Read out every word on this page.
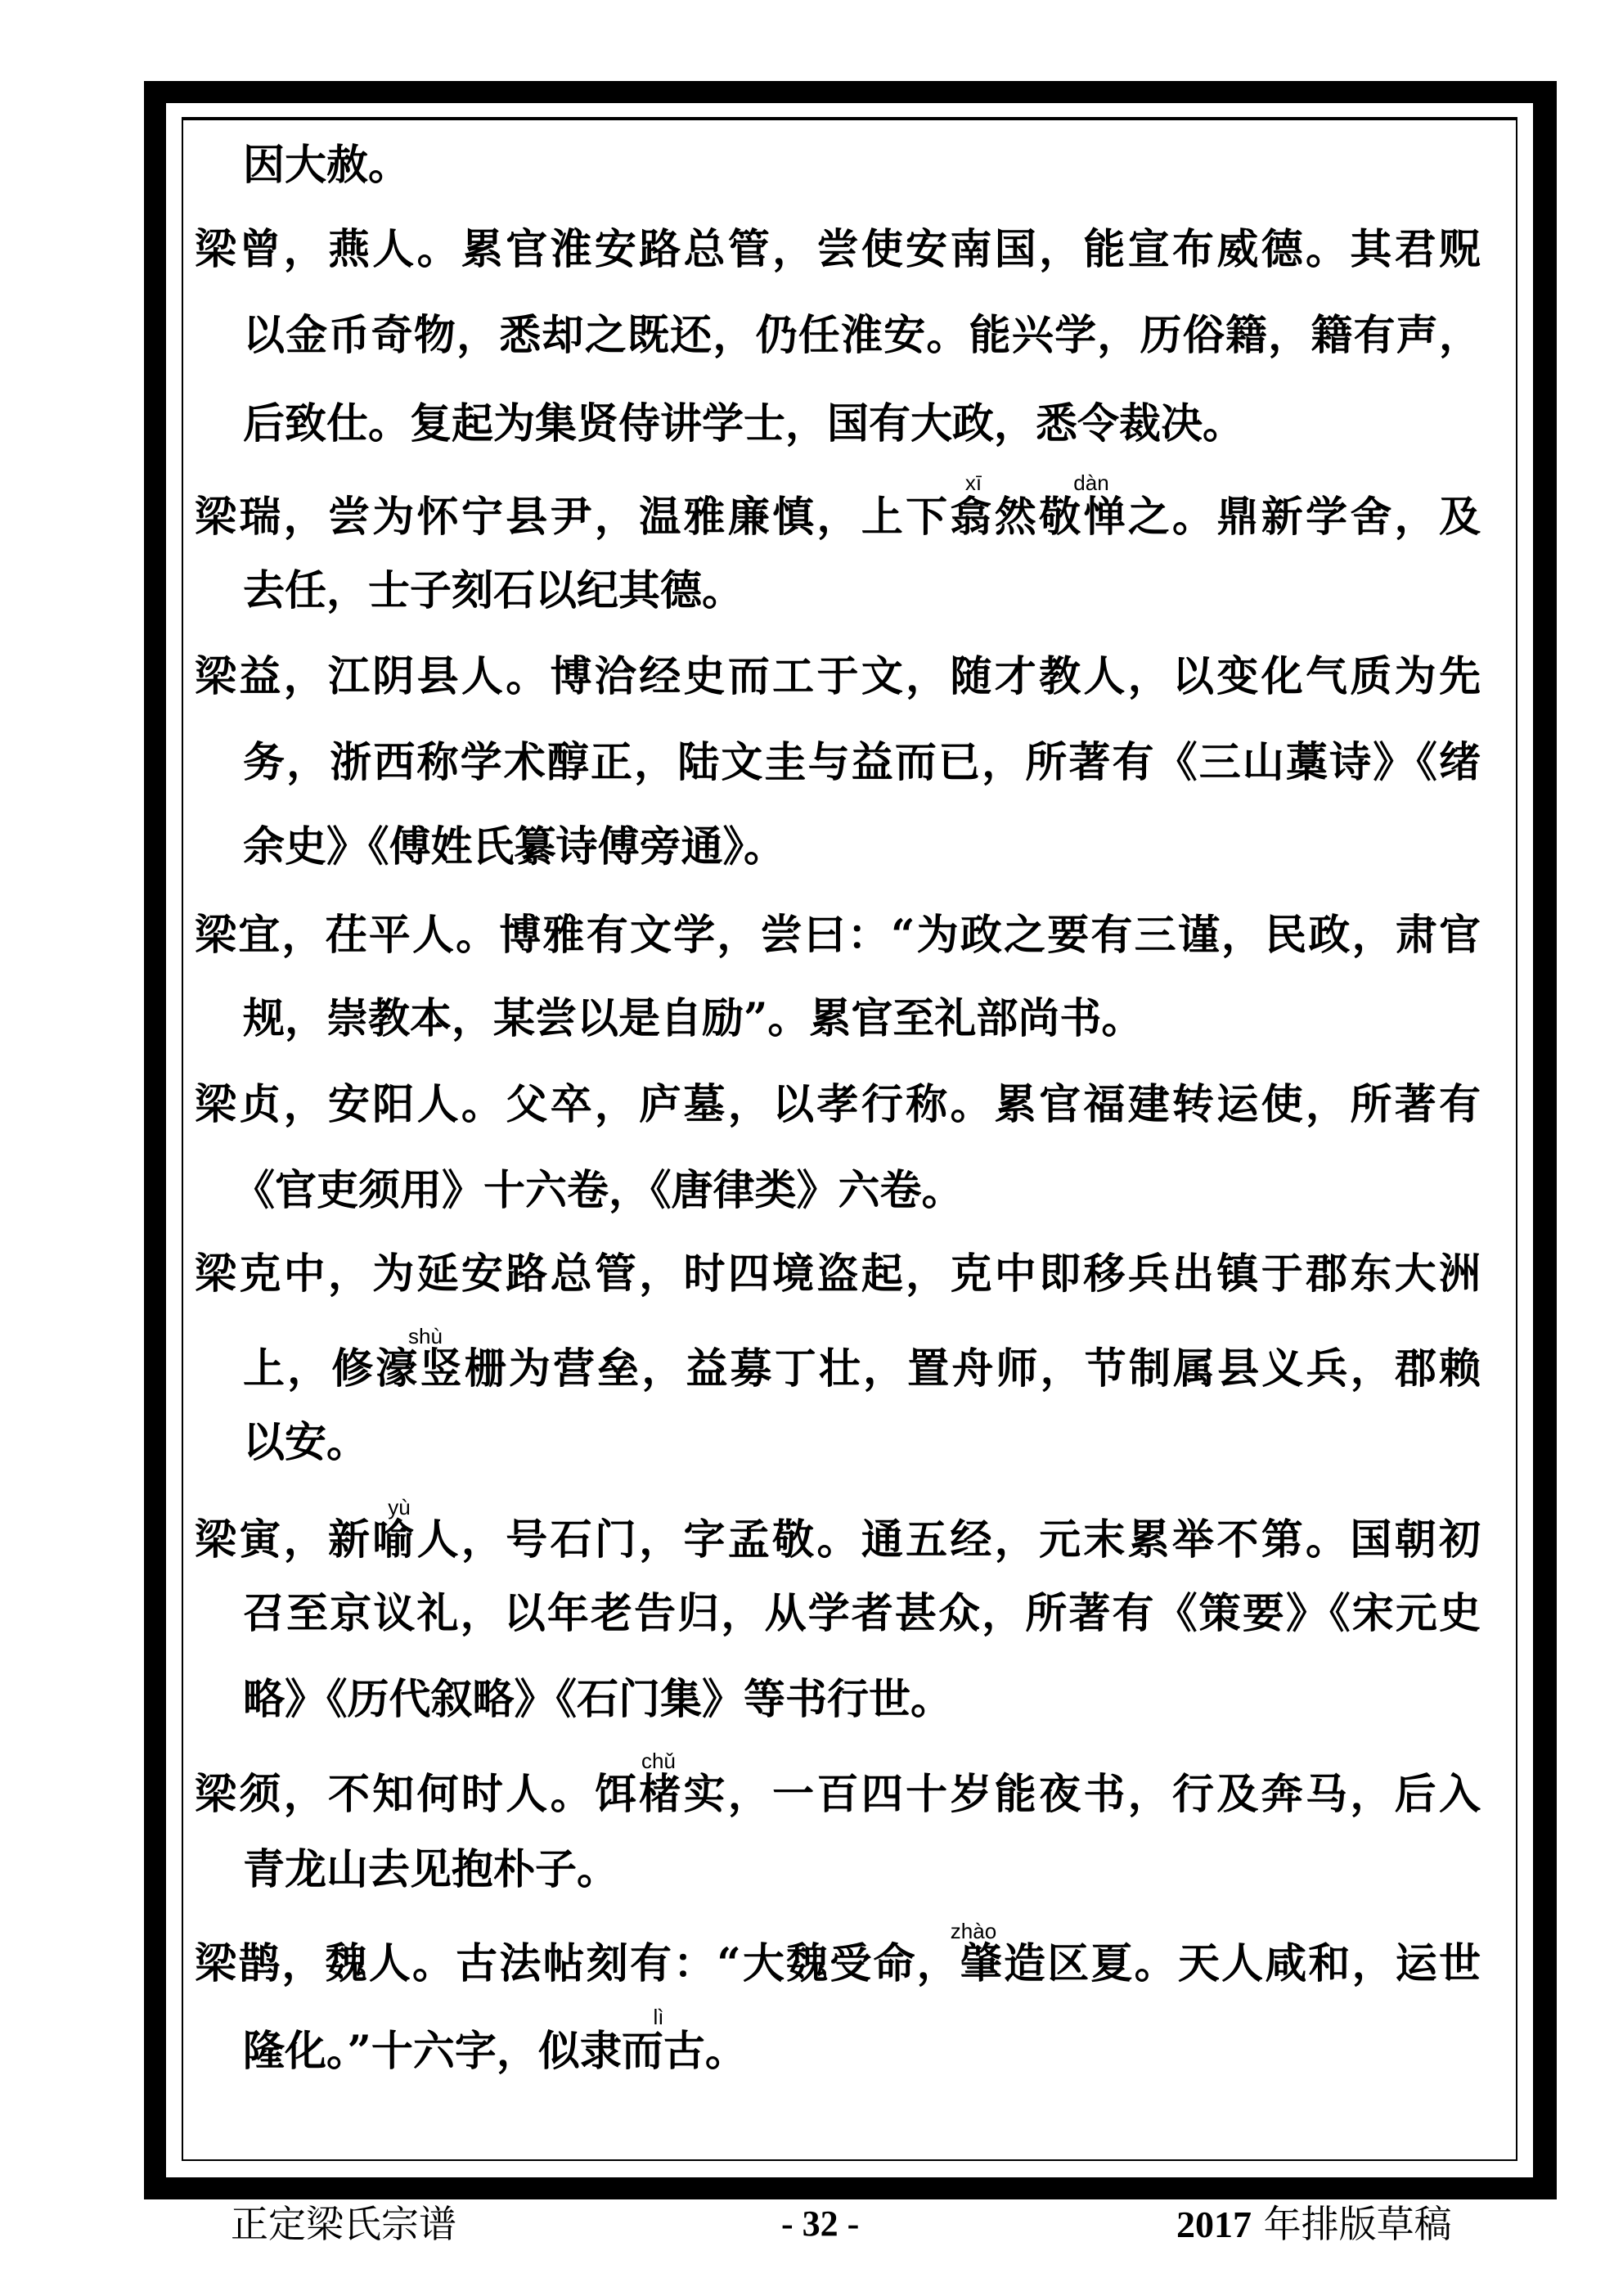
因大赦。
梁曾，燕人。累官淮安路总管，尝使安南国，能宣布威德。其君贶
以金币奇物，悉却之既还，仍任淮安。能兴学，历俗籍，籍有声，
后致仕。复起为集贤侍讲学士，国有大政，悉令裁决。
xī	dàn
梁瑞，尝为怀宁县尹，温雅廉慎，上下翕然敬惮之。鼎新学舍，及
去任，士子刻石以纪其德。
梁益，江阴县人。博洽经史而工于文，随才教人，以变化气质为先
务，浙西称学术醇正，陆文圭与益而已，所著有《三山藁诗》《绪
余史》《傅姓氏纂诗傅旁通》。
梁宜，茌平人。博雅有文学，尝曰：“为政之要有三谨，民政，肃官
规，崇教本，某尝以是自励”。累官至礼部尚书。
梁贞，安阳人。父卒，庐墓，以孝行称。累官福建转运使，所著有
《官吏须用》十六卷，《唐律类》六卷。
梁克中，为延安路总管，时四境盗起，克中即移兵出镇于郡东大洲
shù
上，修濠竖栅为营垒，益募丁壮，置舟师，节制属县义兵，郡赖
以安。
yù
梁寅，新喻人，号石门，字孟敬。通五经，元末累举不第。国朝初
召至京议礼，以年老告归，从学者甚众，所著有《策要》《宋元史
略》《历代叙略》《石门集》等书行世。
chǔ
梁须，不知何时人。饵楮实，一百四十岁能夜书，行及奔马，后入
青龙山去见抱朴子。
zhào
梁鹊，魏人。古法帖刻有：“大魏受命，肇造区夏。天人咸和，运世
lì
隆化。”十六字，似隶而古。
正定梁氏宗谱	- 32 -	2017 年排版草稿
